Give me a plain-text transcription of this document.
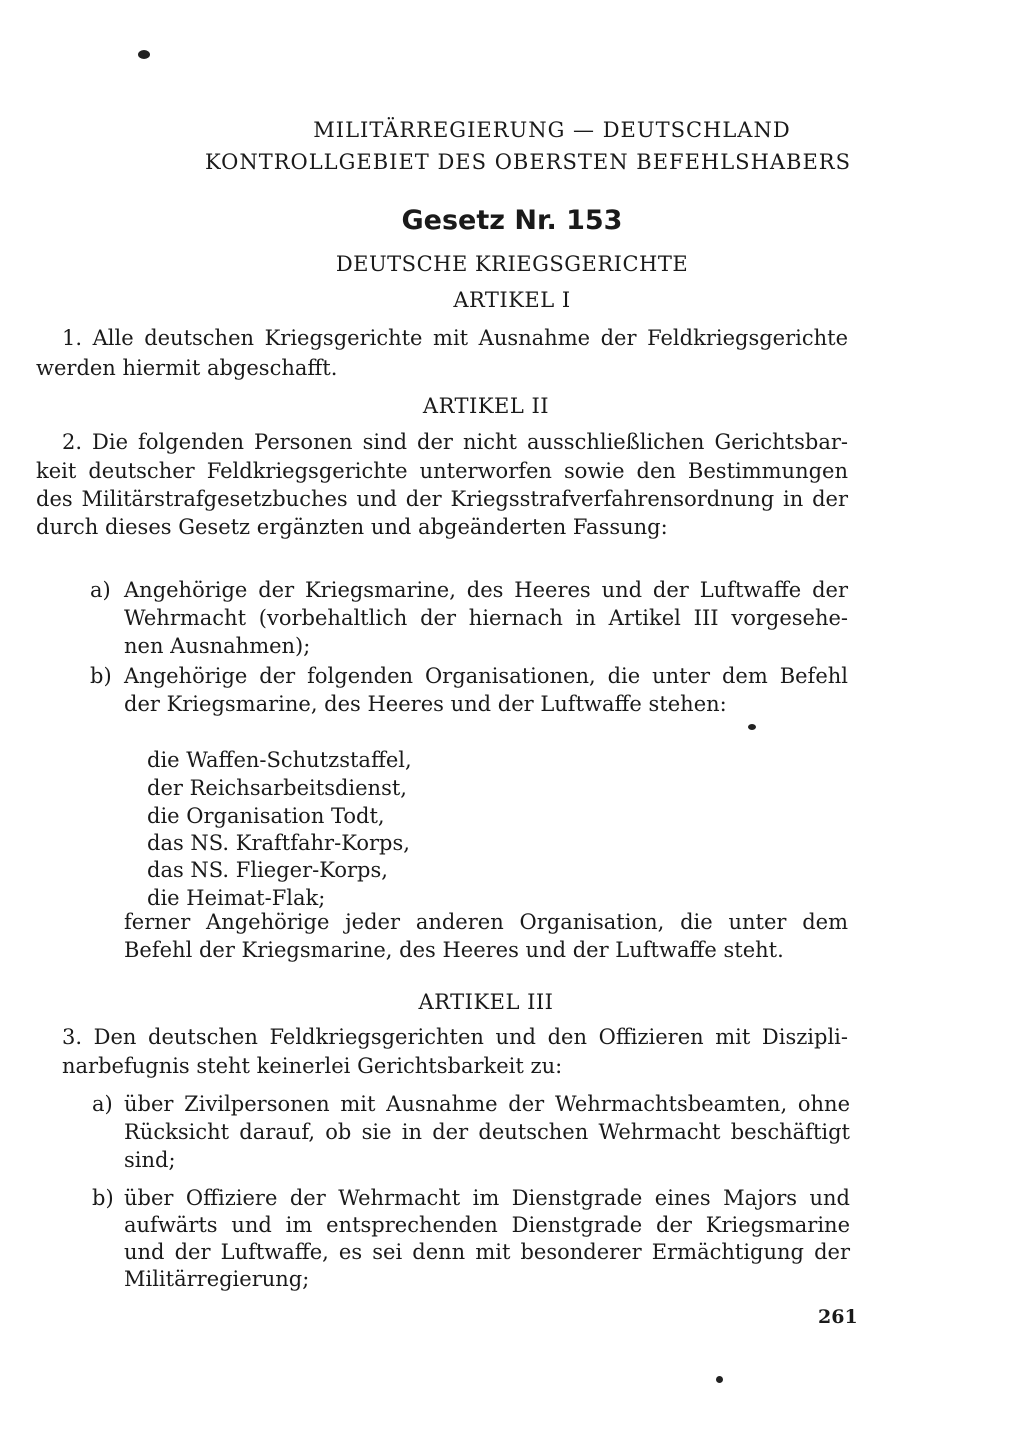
MILITÄRREGIERUNG — DEUTSCHLAND
KONTROLLGEBIET DES OBERSTEN BEFEHLSHABERS
Gesetz Nr. 153
DEUTSCHE KRIEGSGERICHTE
ARTIKEL I
1. Alle deutschen Kriegsgerichte mit Ausnahme der Feldkriegsgerichte
werden hiermit abgeschafft.
ARTIKEL II
2. Die folgenden Personen sind der nicht ausschließlichen Gerichtsbar-
keit deutscher Feldkriegsgerichte unterworfen sowie den Bestimmungen
des Militärstrafgesetzbuches und der Kriegsstrafverfahrensordnung in der
durch dieses Gesetz ergänzten und abgeänderten Fassung:
a) Angehörige der Kriegsmarine, des Heeres und der Luftwaffe der
Wehrmacht (vorbehaltlich der hiernach in Artikel III vorgesehe-
nen Ausnahmen);
b) Angehörige der folgenden Organisationen, die unter dem Befehl
der Kriegsmarine, des Heeres und der Luftwaffe stehen:
die Waffen-Schutzstaffel,
der Reichsarbeitsdienst,
die Organisation Todt,
das NS. Kraftfahr-Korps,
das NS. Flieger-Korps,
die Heimat-Flak;
ferner Angehörige jeder anderen Organisation, die unter dem
Befehl der Kriegsmarine, des Heeres und der Luftwaffe steht.
ARTIKEL III
3. Den deutschen Feldkriegsgerichten und den Offizieren mit Diszipli-
narbefugnis steht keinerlei Gerichtsbarkeit zu:
a) über Zivilpersonen mit Ausnahme der Wehrmachtsbeamten, ohne
Rücksicht darauf, ob sie in der deutschen Wehrmacht beschäftigt
sind;
b) über Offiziere der Wehrmacht im Dienstgrade eines Majors und
aufwärts und im entsprechenden Dienstgrade der Kriegsmarine
und der Luftwaffe, es sei denn mit besonderer Ermächtigung der
Militärregierung;
261
